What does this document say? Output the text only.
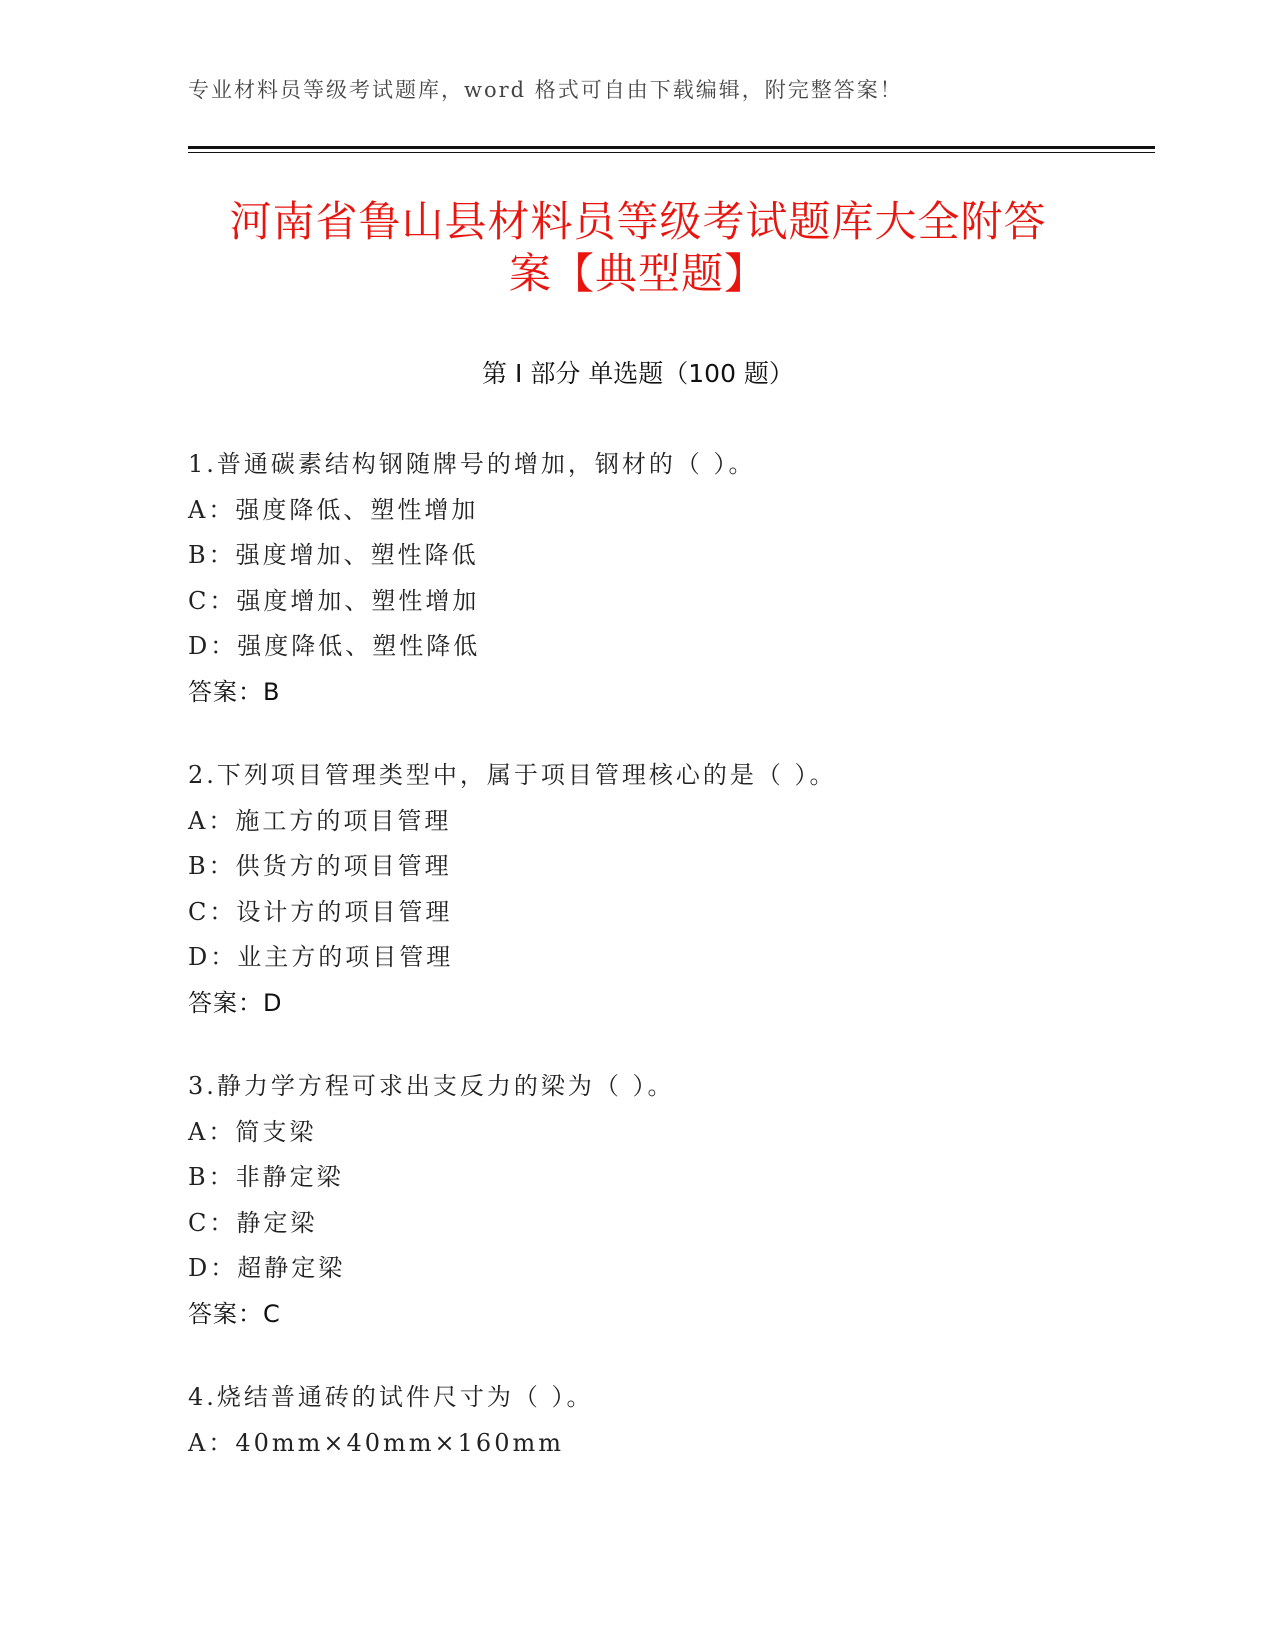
专业材料员等级考试题库，word 格式可自由下载编辑，附完整答案！
河南省鲁山县材料员等级考试题库大全附答
案【典型题】
第 I 部分 单选题（100 题）
1.普通碳素结构钢随牌号的增加，钢材的（ ）。
A：强度降低、塑性增加
B：强度增加、塑性降低
C：强度增加、塑性增加
D：强度降低、塑性降低
答案：B
2.下列项目管理类型中，属于项目管理核心的是（ ）。
A：施工方的项目管理
B：供货方的项目管理
C：设计方的项目管理
D：业主方的项目管理
答案：D
3.静力学方程可求出支反力的梁为（ ）。
A：简支梁
B：非静定梁
C：静定梁
D：超静定梁
答案：C
4.烧结普通砖的试件尺寸为（ ）。
A：40mm×40mm×160mm
